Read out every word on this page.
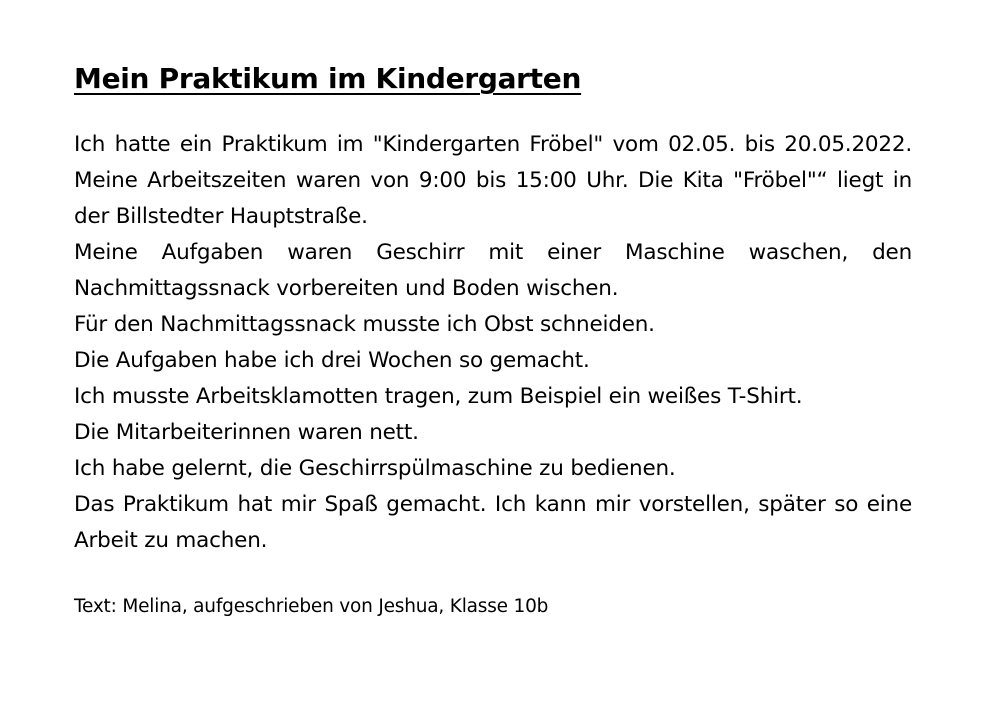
Mein Praktikum im Kindergarten

Ich hatte ein Praktikum im "Kindergarten Fröbel" vom 02.05. bis 20.05.2022. Meine Arbeitszeiten waren von 9:00 bis 15:00 Uhr. Die Kita "Fröbel"“ liegt in der Billstedter Hauptstraße.

Meine Aufgaben waren Geschirr mit einer Maschine waschen, den Nachmittagssnack vorbereiten und Boden wischen.

Für den Nachmittagssnack musste ich Obst schneiden.

Die Aufgaben habe ich drei Wochen so gemacht.

Ich musste Arbeitsklamotten tragen, zum Beispiel ein weißes T-Shirt.

Die Mitarbeiterinnen waren nett.

Ich habe gelernt, die Geschirrspülmaschine zu bedienen.

Das Praktikum hat mir Spaß gemacht. Ich kann mir vorstellen, später so eine Arbeit zu machen.

Text: Melina, aufgeschrieben von Jeshua, Klasse 10b
